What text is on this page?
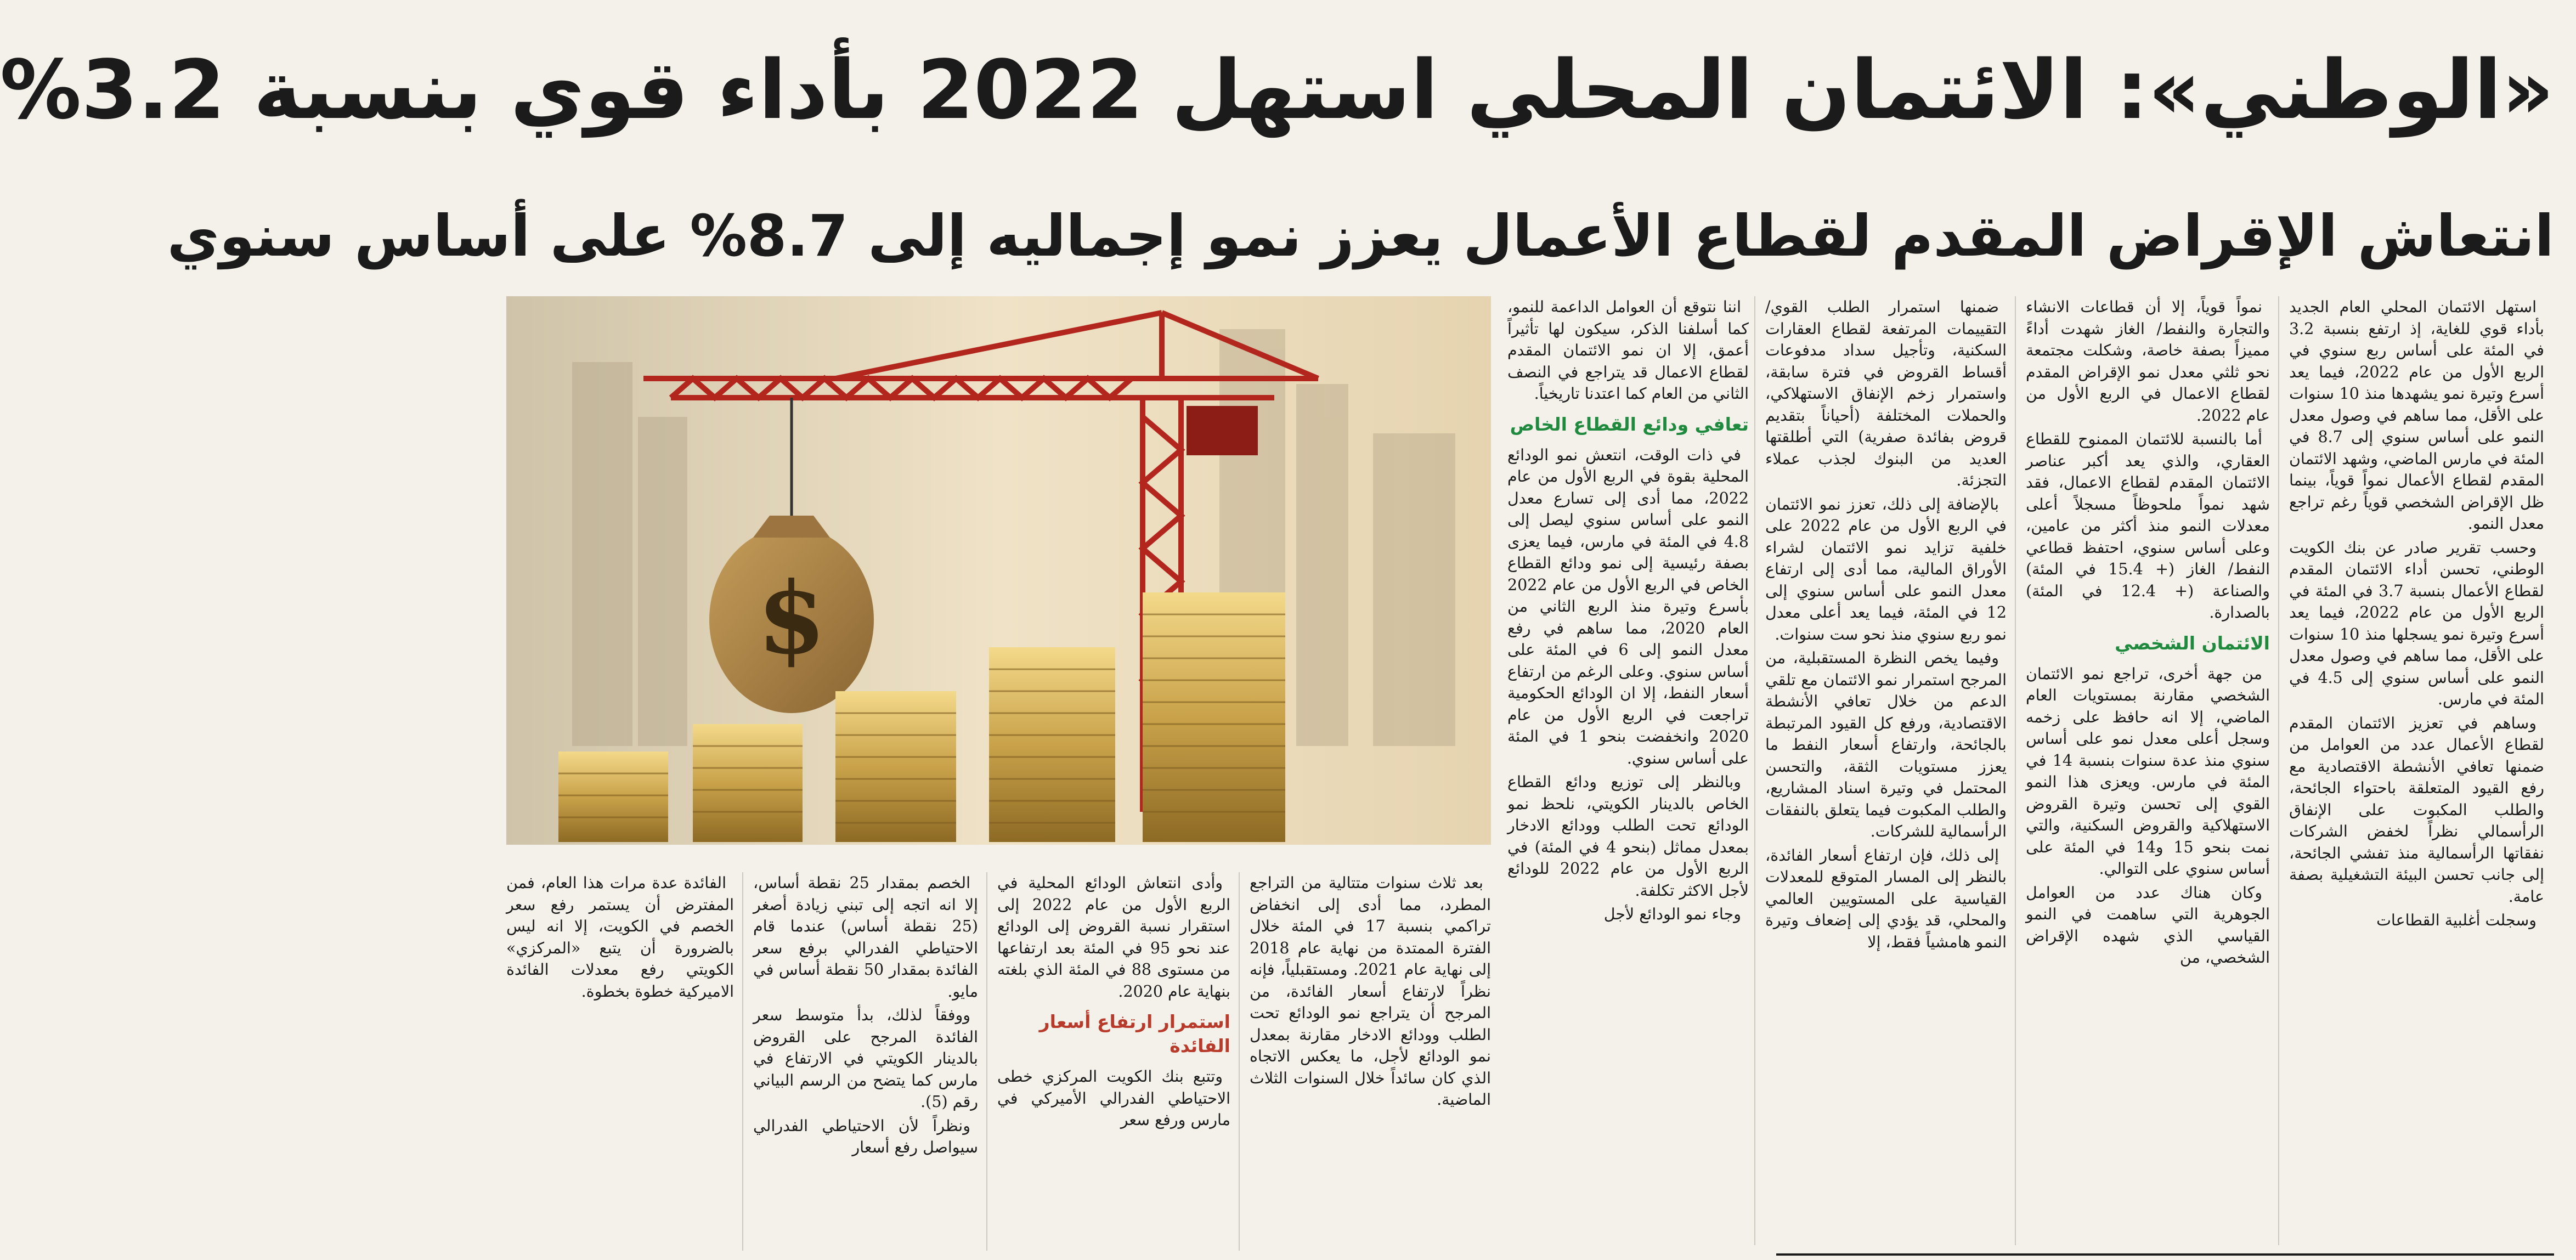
«الوطني»: الائتمان المحلي استهل 2022 بأداء قوي بنسبة 3.2%
انتعاش الإقراض المقدم لقطاع الأعمال يعزز نمو إجماليه إلى 8.7% على أساس سنوي

استهل الائتمان المحلي العام الجديد بأداء قوي للغاية، إذ ارتفع بنسبة 3.2 في المئة على أساس ربع سنوي في الربع الأول من عام 2022، فيما يعد أسرع وتيرة نمو يشهدها منذ 10 سنوات على الأقل، مما ساهم في وصول معدل النمو على أساس سنوي إلى 8.7 في المئة في مارس الماضي، وشهد الائتمان المقدم لقطاع الأعمال نمواً قوياً، بينما ظل الإقراض الشخصي قوياً رغم تراجع معدل النمو.

وحسب تقرير صادر عن بنك الكويت الوطني، تحسن أداء الائتمان المقدم لقطاع الأعمال بنسبة 3.7 في المئة في الربع الأول من عام 2022، فيما يعد أسرع وتيرة نمو يسجلها منذ 10 سنوات على الأقل، مما ساهم في وصول معدل النمو على أساس سنوي إلى 4.5 في المئة في مارس.

وساهم في تعزيز الائتمان المقدم لقطاع الأعمال عدد من العوامل من ضمنها تعافي الأنشطة الاقتصادية مع رفع القيود المتعلقة باحتواء الجائحة، والطلب المكبوت على الإنفاق الرأسمالي نظراً لخفض الشركات نفقاتها الرأسمالية منذ تفشي الجائحة، إلى جانب تحسن البيئة التشغيلية بصفة عامة.

وسجلت أغلبية القطاعات

نمواً قوياً، إلا أن قطاعات الانشاء والتجارة والنفط/ الغاز شهدت أداءً مميزاً بصفة خاصة، وشكلت مجتمعة نحو ثلثي معدل نمو الإقراض المقدم لقطاع الاعمال في الربع الأول من عام 2022.

أما بالنسبة للائتمان الممنوح للقطاع العقاري، والذي يعد أكبر عناصر الائتمان المقدم لقطاع الاعمال، فقد شهد نمواً ملحوظاً مسجلاً أعلى معدلات النمو منذ أكثر من عامين، وعلى أساس سنوي، احتفظ قطاعي النفط/ الغاز (+ 15.4 في المئة) والصناعة (+ 12.4 في المئة) بالصدارة.

الائتمان الشخصي

من جهة أخرى، تراجع نمو الائتمان الشخصي مقارنة بمستويات العام الماضي، إلا انه حافظ على زخمه وسجل أعلى معدل نمو على أساس سنوي منذ عدة سنوات بنسبة 14 في المئة في مارس. ويعزى هذا النمو القوي إلى تحسن وتيرة القروض الاستهلاكية والقروض السكنية، والتي نمت بنحو 15 و14 في المئة على أساس سنوي على التوالي.

وكان هناك عدد من العوامل الجوهرية التي ساهمت في النمو القياسي الذي شهده الإقراض الشخصي، من

ضمنها استمرار الطلب القوي/ التقييمات المرتفعة لقطاع العقارات السكنية، وتأجيل سداد مدفوعات أقساط القروض في فترة سابقة، واستمرار زخم الإنفاق الاستهلاكي، والحملات المختلفة (أحياناً بتقديم قروض بفائدة صفرية) التي أطلقتها العديد من البنوك لجذب عملاء التجزئة.

بالإضافة إلى ذلك، تعزز نمو الائتمان في الربع الأول من عام 2022 على خلفية تزايد نمو الائتمان لشراء الأوراق المالية، مما أدى إلى ارتفاع معدل النمو على أساس سنوي إلى 12 في المئة، فيما يعد أعلى معدل نمو ربع سنوي منذ نحو ست سنوات.

وفيما يخص النظرة المستقبلية، من المرجح استمرار نمو الائتمان مع تلقي الدعم من خلال تعافي الأنشطة الاقتصادية، ورفع كل القيود المرتبطة بالجائحة، وارتفاع أسعار النفط ما يعزز مستويات الثقة، والتحسن المحتمل في وتيرة اسناد المشاريع، والطلب المكبوت فيما يتعلق بالنفقات الرأسمالية للشركات.

إلى ذلك، فإن ارتفاع أسعار الفائدة، بالنظر إلى المسار المتوقع للمعدلات القياسية على المستويين العالمي والمحلي، قد يؤدي إلى إضعاف وتيرة النمو هامشياً فقط، إلا

اننا نتوقع أن العوامل الداعمة للنمو، كما أسلفنا الذكر، سيكون لها تأثيراً أعمق، إلا ان نمو الائتمان المقدم لقطاع الاعمال قد يتراجع في النصف الثاني من العام كما اعتدنا تاريخياً.

تعافي ودائع القطاع الخاص

في ذات الوقت، انتعش نمو الودائع المحلية بقوة في الربع الأول من عام 2022، مما أدى إلى تسارع معدل النمو على أساس سنوي ليصل إلى 4.8 في المئة في مارس، فيما يعزى بصفة رئيسية إلى نمو ودائع القطاع الخاص في الربع الأول من عام 2022 بأسرع وتيرة منذ الربع الثاني من العام 2020، مما ساهم في رفع معدل النمو إلى 6 في المئة على أساس سنوي. وعلى الرغم من ارتفاع أسعار النفط، إلا ان الودائع الحكومية تراجعت في الربع الأول من عام 2020 وانخفضت بنحو 1 في المئة على أساس سنوي.

وبالنظر إلى توزيع ودائع القطاع الخاص بالدينار الكويتي، نلحظ نمو الودائع تحت الطلب وودائع الادخار بمعدل مماثل (بنحو 4 في المئة) في الربع الأول من عام 2022 للودائع لأجل الاكثر تكلفة.

وجاء نمو الودائع لأجل

$

بعد ثلاث سنوات متتالية من التراجع المطرد، مما أدى إلى انخفاض تراكمي بنسبة 17 في المئة خلال الفترة الممتدة من نهاية عام 2018 إلى نهاية عام 2021. ومستقبلياً، فإنه نظراً لارتفاع أسعار الفائدة، من المرجح أن يتراجع نمو الودائع تحت الطلب وودائع الادخار مقارنة بمعدل نمو الودائع لأجل، ما يعكس الاتجاه الذي كان سائداً خلال السنوات الثلاث الماضية.

وأدى انتعاش الودائع المحلية في الربع الأول من عام 2022 إلى استقرار نسبة القروض إلى الودائع عند نحو 95 في المئة بعد ارتفاعها من مستوى 88 في المئة الذي بلغته بنهاية عام 2020.

استمرار ارتفاع أسعار الفائدة

وتتبع بنك الكويت المركزي خطى الاحتياطي الفدرالي الأميركي في مارس ورفع سعر

الخصم بمقدار 25 نقطة أساس، إلا انه اتجه إلى تبني زيادة أصغر (25 نقطة أساس) عندما قام الاحتياطي الفدرالي برفع سعر الفائدة بمقدار 50 نقطة أساس في مايو.

ووفقاً لذلك، بدأ متوسط سعر الفائدة المرجح على القروض بالدينار الكويتي في الارتفاع في مارس كما يتضح من الرسم البياني رقم (5).

ونظراً لأن الاحتياطي الفدرالي سيواصل رفع أسعار

الفائدة عدة مرات هذا العام، فمن المفترض أن يستمر رفع سعر الخصم في الكويت، إلا انه ليس بالضرورة أن يتبع «المركزي» الكويتي رفع معدلات الفائدة الاميركية خطوة بخطوة.
